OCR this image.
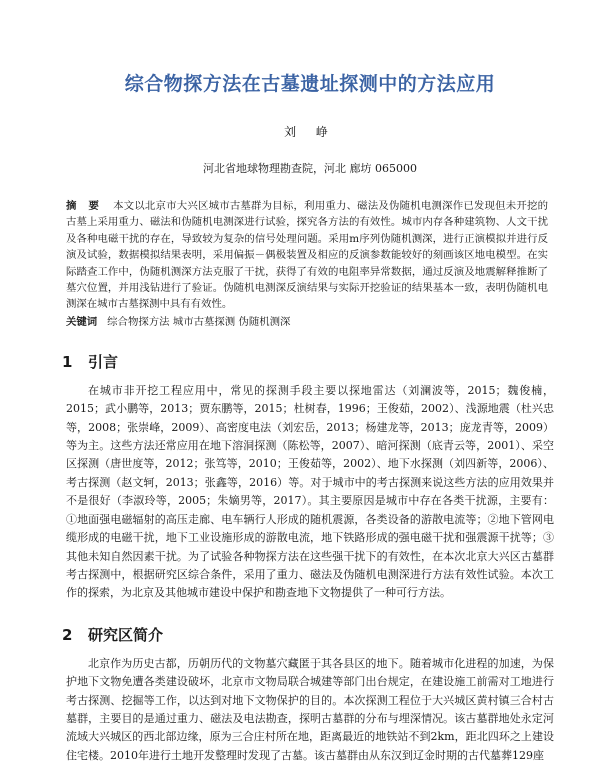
综合物探方法在古墓遗址探测中的方法应用
刘 峥
河北省地球物理勘查院，河北 廊坊 065000
摘 要 本文以北京市大兴区城市古墓群为目标，利用重力、磁法及伪随机电测深作已发现但未开挖的古墓上采用重力、磁法和伪随机电测深进行试验，探究各方法的有效性。城市内存各种建筑物、人文干扰及各种电磁干扰的存在，导致较为复杂的信号处理问题。采用m序列伪随机测深，进行正演模拟并进行反演及试验，数据模拟结果表明，采用偏振－偶极装置及相应的反演参数能较好的刻画该区地电模型。在实际踏查工作中，伪随机测深方法克服了干扰，获得了有效的电阻率异常数据，通过反演及地震解释推断了墓穴位置，并用浅钻进行了验证。伪随机电测深反演结果与实际开挖验证的结果基本一致，表明伪随机电测深在城市古墓探测中具有有效性。
关键词 综合物探方法 城市古墓探测 伪随机测深
1 引言

在城市非开挖工程应用中，常见的探测手段主要以探地雷达（刘澜波等，2015；魏俊楠，2015；武小鹏等，2013；贾东鹏等，2015；杜树春，1996；王俊茹，2002）、浅源地震（杜兴忠等，2008；张崇峰，2009）、高密度电法（刘宏岳，2013；杨建龙等，2013；庞龙青等，2009）等为主。这些方法还常应用在地下溶洞探测（陈松等，2007）、暗河探测（底青云等，2001）、采空区探测（唐世度等，2012；张笃等，2010；王俊茹等，2002）、地下水探测（刘四新等，2006）、考古探测（赵文轲，2013；张鑫等，2016）等。对于城市中的考古探测来说这些方法的应用效果并不是很好（李淑玲等，2005；朱嫡男等，2017）。其主要原因是城市中存在各类干扰源，主要有：①地面强电磁辐射的高压走廊、电车辆行人形成的随机震源，各类设备的游散电流等；②地下管网电缆形成的电磁干扰，地下工业设施形成的游散电流，地下铁路形成的强电磁干扰和强震源干扰等；③其他未知自然因素干扰。为了试验各种物探方法在这些强干扰下的有效性，在本次北京大兴区古墓群考古探测中，根据研究区综合条件，采用了重力、磁法及伪随机电测深进行方法有效性试验。本次工作的探索，为北京及其他城市建设中保护和勘查地下文物提供了一种可行方法。

2 研究区简介

北京作为历史古都，历朝历代的文物墓穴藏匿于其各县区的地下。随着城市化进程的加速，为保护地下文物免遭各类建设破坏，北京市文物局联合城建等部门出台规定，在建设施工前需对工地进行考古探测、挖掘等工作，以达到对地下文物保护的目的。本次探测工程位于大兴城区黄村镇三合村古墓群，主要目的是通过重力、磁法及电法勘查，探明古墓群的分布与埋深情况。该古墓群地处永定河流域大兴城区的西北部边缘，原为三合庄村所在地，距离最近的地铁站不到2km，距北四环之上建设住宅楼。2010年进行土地开发整理时发现了古墓。该古墓群由从东汉到辽金时期的古代墓葬129座
